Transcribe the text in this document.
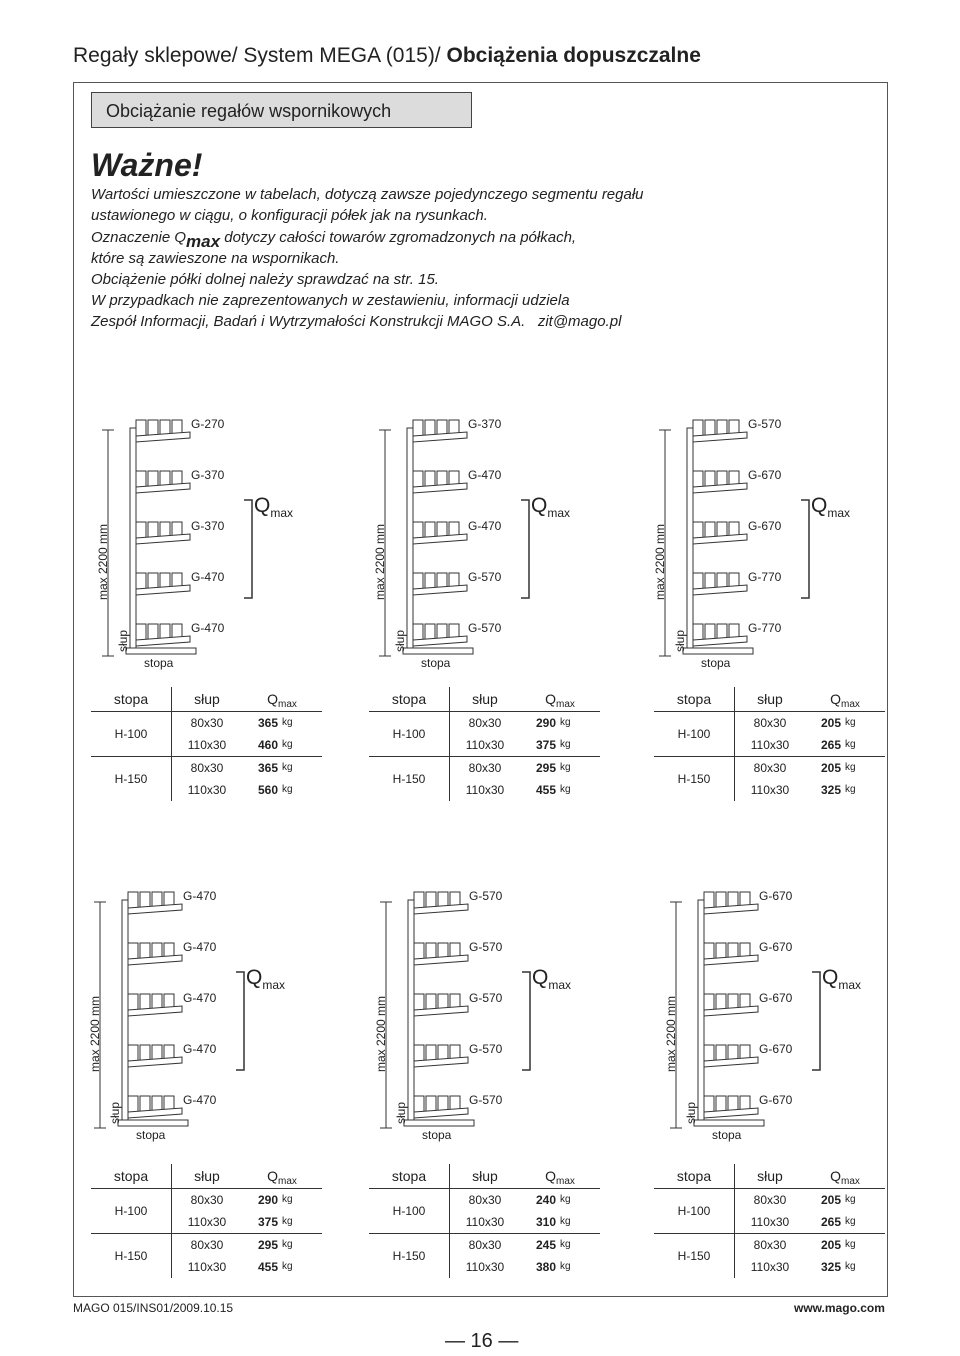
Regały sklepowe/ System MEGA (015)/ Obciążenia dopuszczalne
Obciążanie regałów wspornikowych
Ważne!
Wartości umieszczone w tabelach, dotyczą zawsze pojedynczego segmentu regału
ustawionego w ciągu, o konfiguracji półek jak na rysunkach.
Oznaczenie Qmax dotyczy całości towarów zgromadzonych na półkach,
które są zawieszone na wspornikach.
Obciążenie półki dolnej należy sprawdzać na str. 15.
W przypadkach nie zaprezentowanych w zestawieniu, informacji udziela
Zespół Informacji, Badań i Wytrzymałości Konstrukcji MAGO S.A. zit@mago.pl
G-270
G-370
G-370
G-470
G-470
$Q_{max}$
max 2200 mm
słup
stopa
G-370
G-470
G-470
G-570
G-570
$Q_{max}$
max 2200 mm
słup
stopa
G-570
G-670
G-670
G-770
G-770
$Q_{max}$
max 2200 mm
słup
stopa
G-470
G-470
G-470
G-470
G-470
$Q_{max}$
max 2200 mm
słup
stopa
G-570
G-570
G-570
G-570
G-570
$Q_{max}$
max 2200 mm
słup
stopa
G-670
G-670
G-670
G-670
G-670
$Q_{max}$
max 2200 mm
słup
stopa
stopa	słup	$Q_{max}$
H-100	80x30	365 kg
	110x30	460 kg
H-150	80x30	365 kg
	110x30	560 kg
stopa	słup	$Q_{max}$
H-100	80x30	290 kg
	110x30	375 kg
H-150	80x30	295 kg
	110x30	455 kg
stopa	słup	$Q_{max}$
H-100	80x30	205 kg
	110x30	265 kg
H-150	80x30	205 kg
	110x30	325 kg
stopa	słup	$Q_{max}$
H-100	80x30	290 kg
	110x30	375 kg
H-150	80x30	295 kg
	110x30	455 kg
stopa	słup	$Q_{max}$
H-100	80x30	240 kg
	110x30	310 kg
H-150	80x30	245 kg
	110x30	380 kg
stopa	słup	$Q_{max}$
H-100	80x30	205 kg
	110x30	265 kg
H-150	80x30	205 kg
	110x30	325 kg
MAGO 015/INS01/2009.10.15	www.mago.com
— 16 —
